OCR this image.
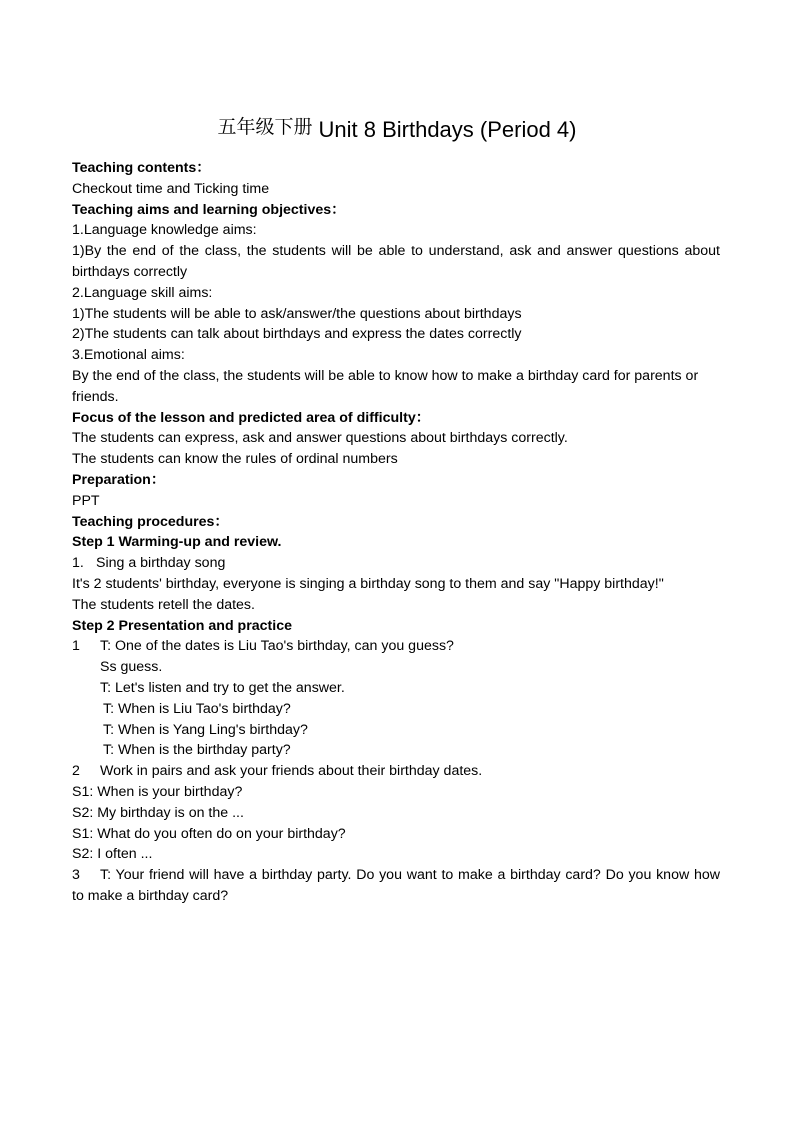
五年级下册 Unit 8 Birthdays (Period 4)

Teaching contents：

Checkout time and Ticking time

Teaching aims and learning objectives：

1.Language knowledge aims:

1)By the end of the class, the students will be able to understand, ask and answer questions about birthdays correctly

2.Language skill aims:

1)The students will be able to ask/answer/the questions about birthdays

2)The students can talk about birthdays and express the dates correctly

3.Emotional aims:

By the end of the class, the students will be able to know how to make a birthday card for parents or friends.

Focus of the lesson and predicted area of difficulty：

The students can express, ask and answer questions about birthdays correctly.

The students can know the rules of ordinal numbers

Preparation：

PPT

Teaching procedures：

Step 1 Warming-up and review.

1. Sing a birthday song

It's 2 students' birthday, everyone is singing a birthday song to them and say "Happy birthday!"

The students retell the dates.

Step 2 Presentation and practice

1 T: One of the dates is Liu Tao's birthday, can you guess?

Ss guess.

T: Let's listen and try to get the answer.

T: When is Liu Tao's birthday?

T: When is Yang Ling's birthday?

T: When is the birthday party?

2 Work in pairs and ask your friends about their birthday dates.

S1: When is your birthday?

S2: My birthday is on the ...

S1: What do you often do on your birthday?

S2: I often ...

3 T: Your friend will have a birthday party. Do you want to make a birthday card? Do you know how to make a birthday card?
